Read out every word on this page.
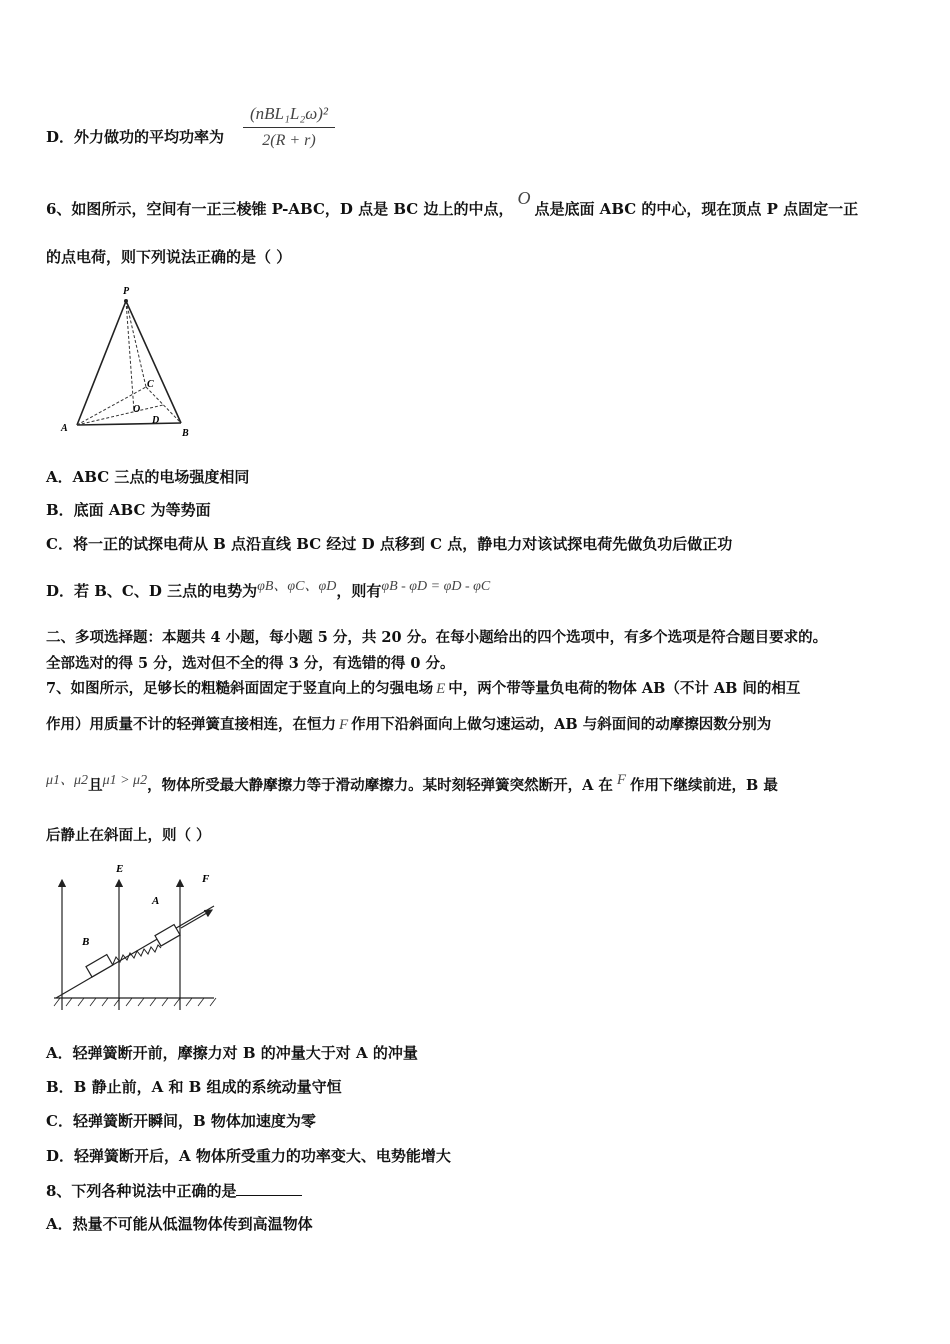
D．外力做功的平均功率为
(nBL₁L₂ω)²
2(R + r)
6、如图所示，空间有一正三棱锥 P-ABC，D 点是 BC 边上的中点，O点是底面 ABC 的中心，现在顶点 P 点固定一正
的点电荷，则下列说法正确的是（ ）
P
A	B
C
O
D
A．ABC 三点的电场强度相同
B．底面 ABC 为等势面
C．将一正的试探电荷从 B 点沿直线 BC 经过 D 点移到 C 点，静电力对该试探电荷先做负功后做正功
D．若 B、C、D 三点的电势为φB、φC、φD，则有φB - φD = φD - φC
二、多项选择题：本题共 4 小题，每小题 5 分，共 20 分。在每小题给出的四个选项中，有多个选项是符合题目要求的。
全部选对的得 5 分，选对但不全的得 3 分，有选错的得 0 分。
7、如图所示，足够长的粗糙斜面固定于竖直向上的匀强电场 E 中，两个带等量负电荷的物体 AB（不计 AB 间的相互
作用）用质量不计的轻弹簧直接相连，在恒力 F 作用下沿斜面向上做匀速运动，AB 与斜面间的动摩擦因数分别为
μ1、μ2且μ1 > μ2，物体所受最大静摩擦力等于滑动摩擦力。某时刻轻弹簧突然断开，A 在 F 作用下继续前进，B 最
后静止在斜面上，则（ ）
E
F
A
B
A．轻弹簧断开前，摩擦力对 B 的冲量大于对 A 的冲量
B．B 静止前，A 和 B 组成的系统动量守恒
C．轻弹簧断开瞬间，B 物体加速度为零
D．轻弹簧断开后，A 物体所受重力的功率变大、电势能增大
8、下列各种说法中正确的是
A．热量不可能从低温物体传到高温物体
